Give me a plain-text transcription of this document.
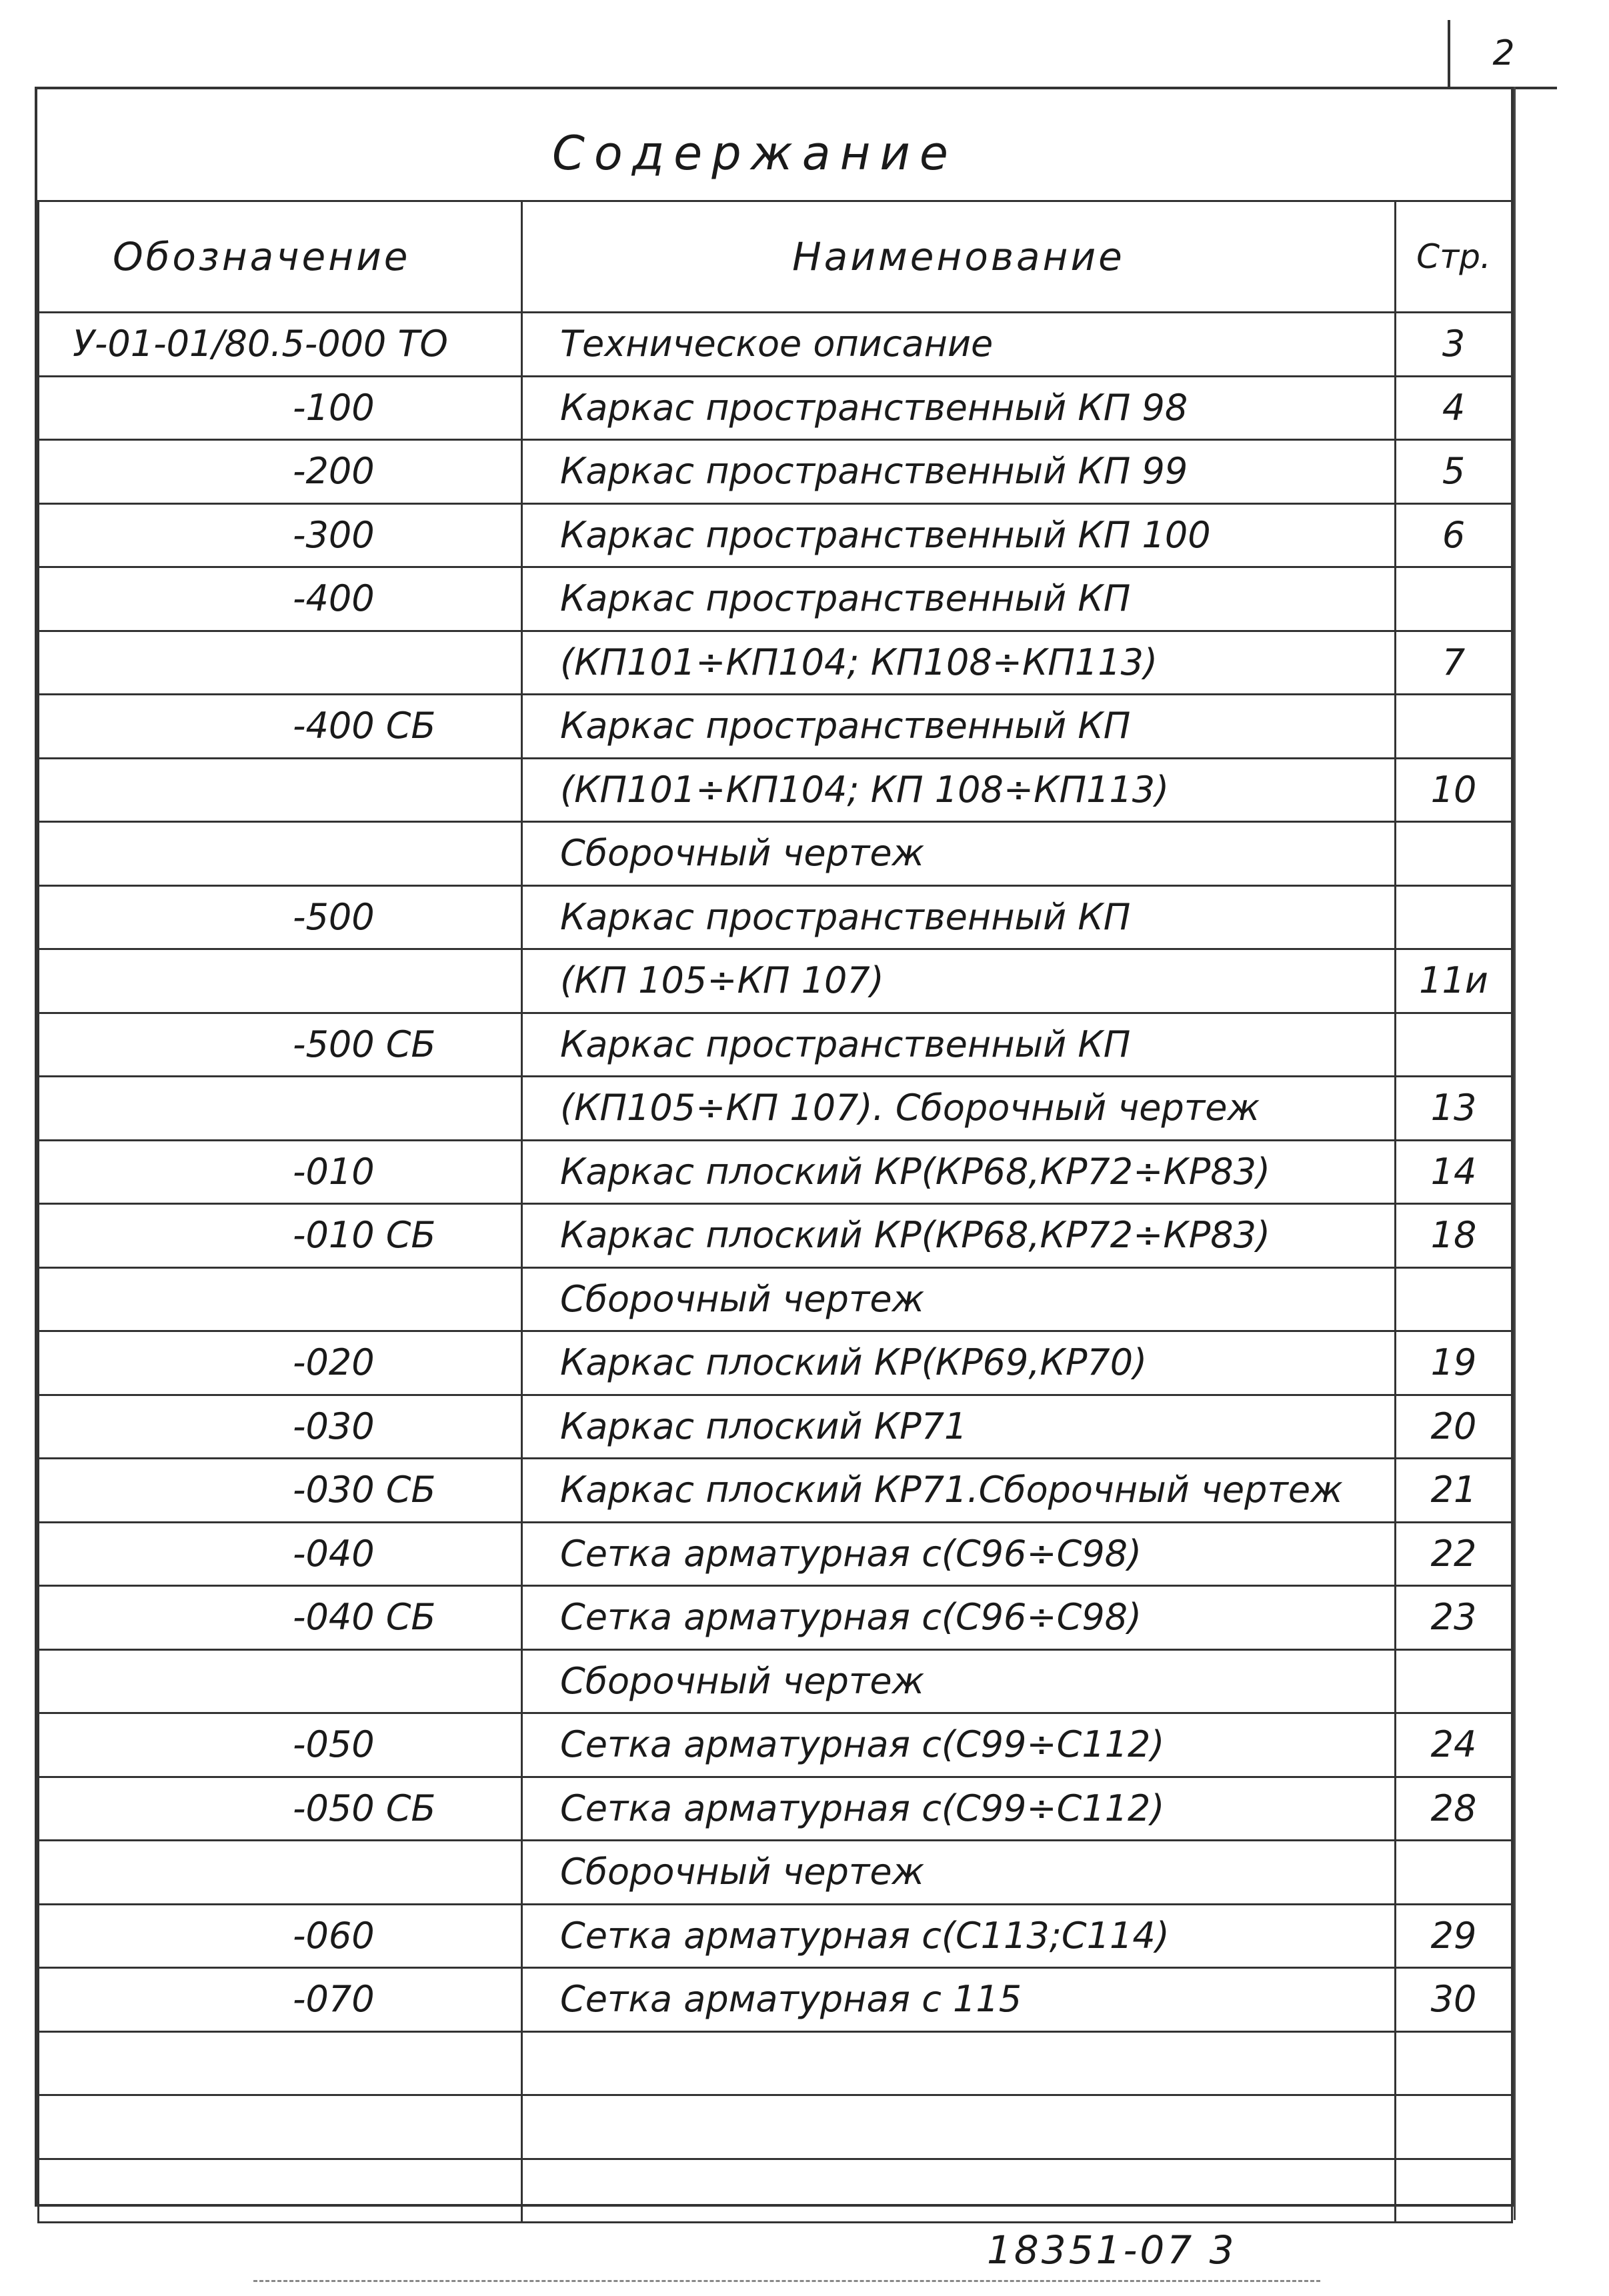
2
Содержание
Обозначение	Наименование	Стр.
У-01-01/80.5-000 ТО	Техническое описание	3
-100	Каркас пространственный КП 98	4
-200	Каркас пространственный КП 99	5
-300	Каркас пространственный КП 100	6
-400	Каркас пространственный КП	
	(КП101÷КП104; КП108÷КП113)	7
-400 СБ	Каркас пространственный КП	
	(КП101÷КП104; КП 108÷КП113)	10
	Сборочный чертеж	
-500	Каркас пространственный КП	
	(КП 105÷КП 107)	11и
-500 СБ	Каркас пространственный КП	
	(КП105÷КП 107). Сборочный чертеж	13
-010	Каркас плоский КР(КР68,КР72÷КР83)	14
-010 СБ	Каркас плоский КР(КР68,КР72÷КР83)	18
	Сборочный чертеж	
-020	Каркас плоский КР(КР69,КР70)	19
-030	Каркас плоский КР71	20
-030 СБ	Каркас плоский КР71.Сборочный чертеж	21
-040	Сетка арматурная с(С96÷С98)	22
-040 СБ	Сетка арматурная с(С96÷С98)	23
	Сборочный чертеж	
-050	Сетка арматурная с(С99÷С112)	24
-050 СБ	Сетка арматурная с(С99÷С112)	28
	Сборочный чертеж	
-060	Сетка арматурная с(С113;С114)	29
-070	Сетка арматурная с 115	30

18351-07 3
